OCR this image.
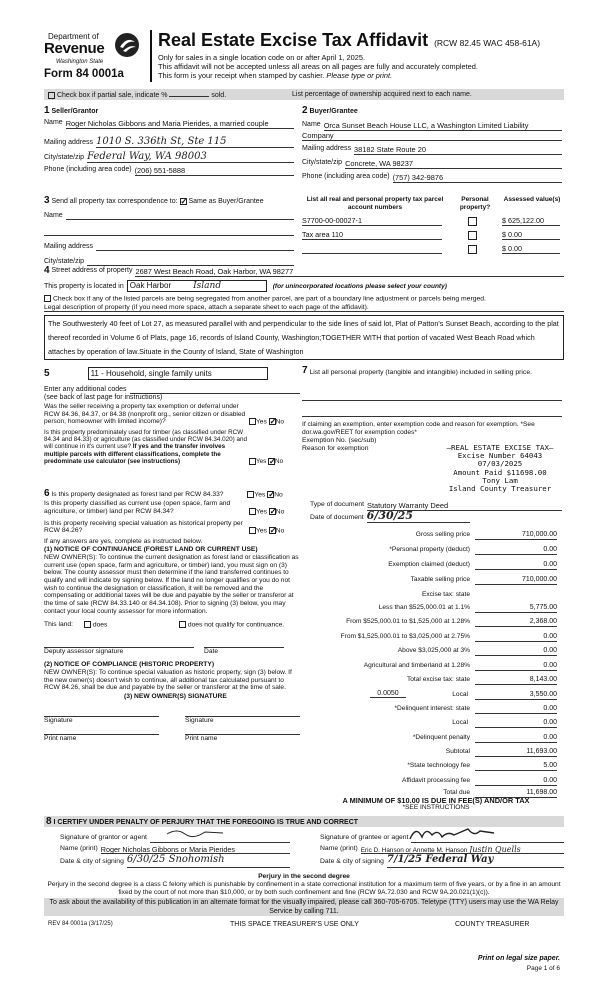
Department of
Revenue
Washington State
Form 84 0001a
Real Estate Excise Tax Affidavit (RCW 82.45 WAC 458-61A)
Only for sales in a single location code on or after April 1, 2025.
This affidavit will not be accepted unless all areas on all pages are fully and accurately completed.
This form is your receipt when stamped by cashier. Please type or print.
Check box if partial sale, indicate %	sold.	List percentage of ownership acquired next to each name.
1 Seller/Grantor
Name Roger Nicholas Gibbons and Maria Pierides, a married couple
Mailing address 1010 S. 336th St, Ste 115
City/state/zip Federal Way, WA 98003
Phone (including area code) (206) 551-5888
2 Buyer/Grantee
Name Orca Sunset Beach House LLC, a Washington Limited Liability
Company
Mailing address 38182 State Route 20
City/state/zip Concrete, WA 98237
Phone (including area code) (757) 342-9876
3 Send all property tax correspondence to: ✓ Same as Buyer/Grantee
Name
Mailing address
City/state/zip
List all real and personal property tax parcel account numbers
Personal property?
Assessed value(s)
S7700-00-00027-1	$ 625,122.00
Tax area 110	$ 0.00
$ 0.00
4
Street address of property 2687 West Beach Road, Oak Harbor, WA 98277
This property is located in Oak Harbor Island	(for unincorporated locations please select your county)
Check box if any of the listed parcels are being segregated from another parcel, are part of a boundary line adjustment or parcels being merged.
Legal description of property (if you need more space, attach a separate sheet to each page of the affidavit).
The Southwesterly 40 feet of Lot 27, as measured parallel with and perpendicular to the side lines of said lot, Plat of Patton's Sunset Beach, according to the plat thereof recorded in Volume 6 of Plats, page 16, records of Island County, Washington;TOGETHER WITH that portion of vacated West Beach Road which attaches by operation of law.Situate in the County of Island, State of Washington
5	11 - Household, single family units
Enter any additional codes
(see back of last page for instructions)
Was the seller receiving a property tax exemption or deferral under RCW 84.36, 84.37, or 84.38 (nonprofit org., senior citizen or disabled person, homeowner with limited income)?	Yes ✓ No
Is this property predominately used for timber (as classified under RCW 84.34 and 84.33) or agriculture (as classified under RCW 84.34.020) and will continue in it's current use? If yes and the transfer involves multiple parcels with different classifications, complete the predominate use calculator (see instructions)	Yes ✓ No
6
Is this property designated as forest land per RCW 84.33?	Yes ✓ No
Is this property classified as current use (open space, farm and agriculture, or timber) land per RCW 84.34?	Yes ✓ No
Is this property receiving special valuation as historical property per RCW 84.26?	Yes ✓ No
If any answers are yes, complete as instructed below.
(1) NOTICE OF CONTINUANCE (FOREST LAND OR CURRENT USE)
NEW OWNER(S): To continue the current designation as forest land or classification as current use (open space, farm and agriculture, or timber) land, you must sign on (3) below. The county assessor must then determine if the land transferred continues to qualify and will indicate by signing below. If the land no longer qualifies or you do not wish to continue the designation or classification, it will be removed and the compensating or additional taxes will be due and payable by the seller or transferor at the time of sale (RCW 84.33.140 or 84.34.108). Prior to signing (3) below, you may contact your local county assessor for more information.
This land:	does	does not qualify for continuance.
Deputy assessor signature	Date
(2) NOTICE OF COMPLIANCE (HISTORIC PROPERTY)
NEW OWNER(S): To continue special valuation as historic property, sign (3) below. If the new owner(s) doesn't wish to continue, all additional tax calculated pursuant to RCW 84.26, shall be due and payable by the seller or transferor at the time of sale.
(3) NEW OWNER(S) SIGNATURE
Signature	Signature
Print name	Print name
7
List all personal property (tangible and intangible) included in selling price.
If claiming an exemption, enter exemption code and reason for exemption. *See dor.wa.gov/REET for exemption codes*
Exemption No. (sec/sub)
Reason for exemption	—REAL ESTATE EXCISE TAX—
Excise Number 64043
07/03/2025
Amount Paid $11698.00
Tony Lam
Island County Treasurer
Type of document Statutory Warranty Deed
Date of document 6/30/25
Gross selling price	710,000.00
*Personal property (deduct)	0.00
Exemption claimed (deduct)	0.00
Taxable selling price	710,000.00
Excise tax: state
Less than $525,000.01 at 1.1%	5,775.00
From $525,000.01 to $1,525,000 at 1.28%	2,368.00
From $1,525,000.01 to $3,025,000 at 2.75%	0.00
Above $3,025,000 at 3%	0.00
Agricultural and timberland at 1.28%	0.00
Total excise tax: state	8,143.00
Local	3,550.00
*Delinquent interest: state	0.00
Local	0.00
*Delinquent penalty	0.00
Subtotal	11,693.00
*State technology fee	5.00
Affidavit processing fee	0.00
Total due	11,698.00
0.0050
A MINIMUM OF $10.00 IS DUE IN FEE(S) AND/OR TAX
*SEE INSTRUCTIONS
8 I CERTIFY UNDER PENALTY OF PERJURY THAT THE FOREGOING IS TRUE AND CORRECT
Signature of grantor or agent
Name (print) Roger Nicholas Gibbons or Maria Pierides
Date & city of signing 6/30/25 Snohomish
Signature of grantee or agent
Name (print) Eric D. Hanson or Annette M. Hanson Justin Quells
Date & city of signing 7/1/25 Federal Way
Perjury in the second degree
Perjury in the second degree is a class C felony which is punishable by confinement in a state correctional institution for a maximum term of five years, or by a fine in an amount fixed by the court of not more than $10,000, or by both such confinement and fine (RCW 9A.72.030 and RCW 9A.20.021(1)(c)).
To ask about the availability of this publication in an alternate format for the visually impaired, please call 360-705-6705. Teletype (TTY) users may use the WA Relay Service by calling 711.
REV 84 0001a (3/17/25)	THIS SPACE TREASURER'S USE ONLY	COUNTY TREASURER
Print on legal size paper.
Page 1 of 6
